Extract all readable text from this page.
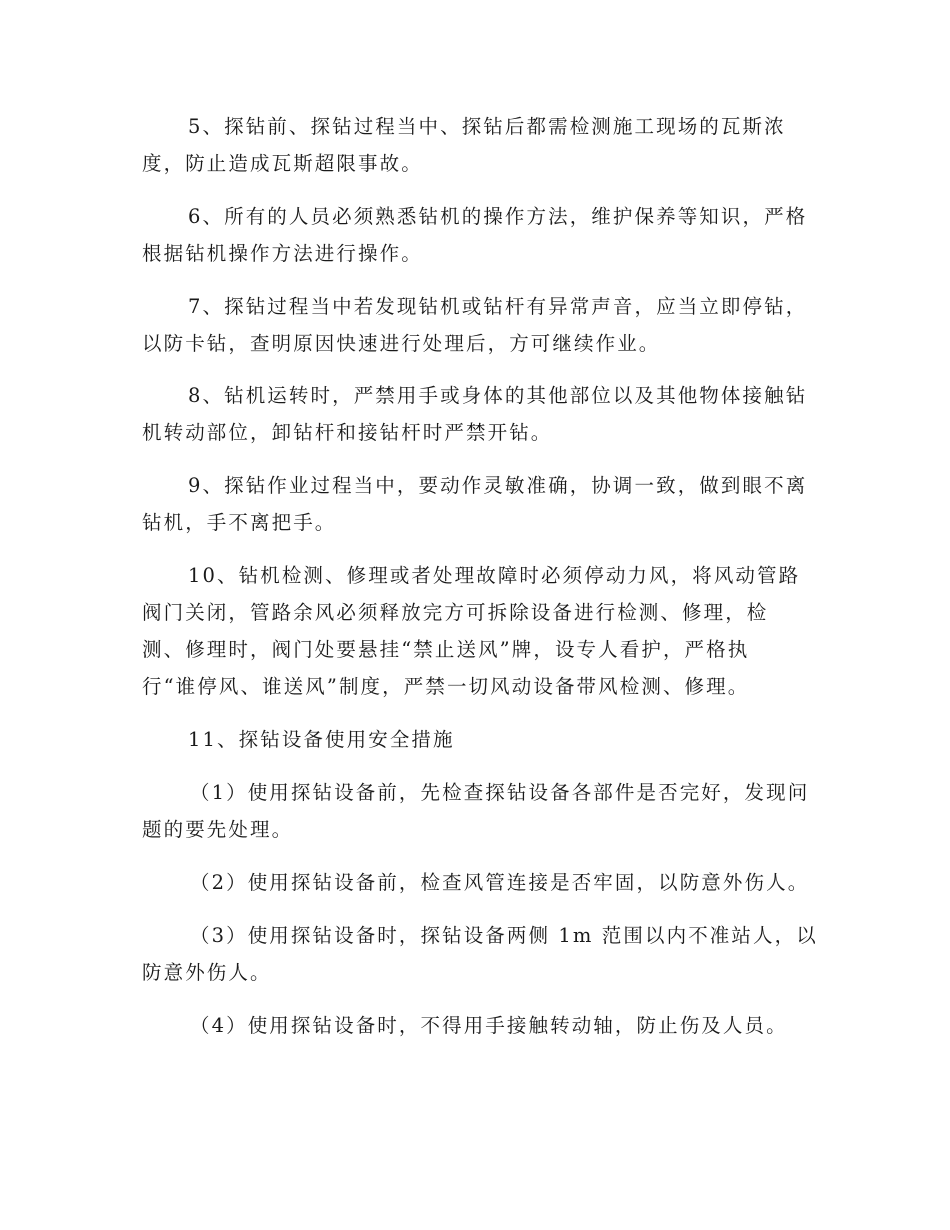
5、探钻前、探钻过程当中、探钻后都需检测施工现场的瓦斯浓
度，防止造成瓦斯超限事故。
6、所有的人员必须熟悉钻机的操作方法，维护保养等知识，严格
根据钻机操作方法进行操作。
7、探钻过程当中若发现钻机或钻杆有异常声音，应当立即停钻，
以防卡钻，查明原因快速进行处理后，方可继续作业。
8、钻机运转时，严禁用手或身体的其他部位以及其他物体接触钻
机转动部位，卸钻杆和接钻杆时严禁开钻。
9、探钻作业过程当中，要动作灵敏准确，协调一致，做到眼不离
钻机，手不离把手。
10、钻机检测、修理或者处理故障时必须停动力风，将风动管路
阀门关闭，管路余风必须释放完方可拆除设备进行检测、修理，检
测、修理时，阀门处要悬挂“禁止送风”牌，设专人看护，严格执
行“谁停风、谁送风”制度，严禁一切风动设备带风检测、修理。
11、探钻设备使用安全措施
（1）使用探钻设备前，先检查探钻设备各部件是否完好，发现问
题的要先处理。
（2）使用探钻设备前，检查风管连接是否牢固，以防意外伤人。
（3）使用探钻设备时，探钻设备两侧 1m 范围以内不准站人，以
防意外伤人。
（4）使用探钻设备时，不得用手接触转动轴，防止伤及人员。
